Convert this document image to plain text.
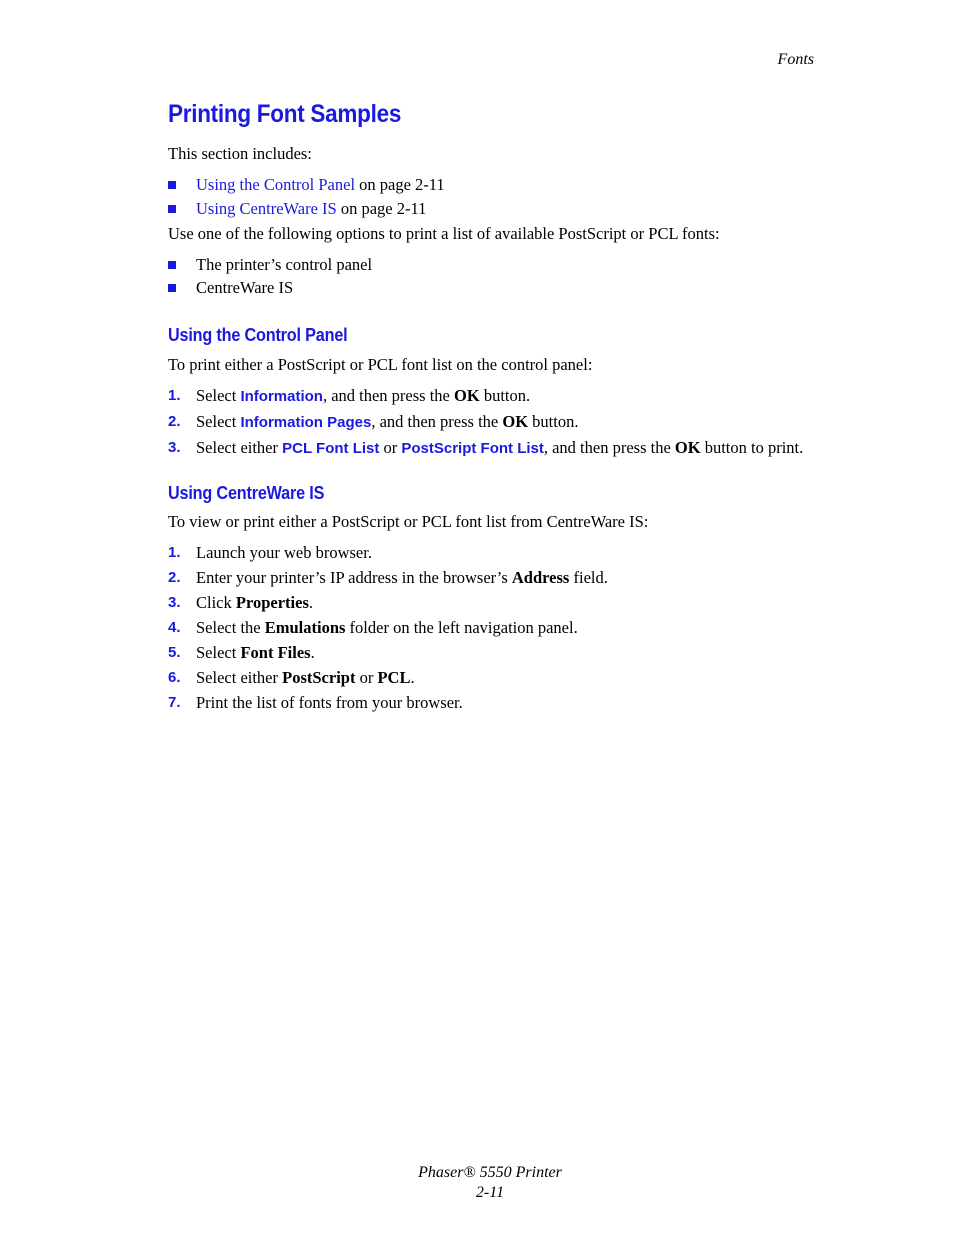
Fonts
Printing Font Samples

This section includes:

Using the Control Panel on page 2-11
Using CentreWare IS on page 2-11

Use one of the following options to print a list of available PostScript or PCL fonts:

The printer’s control panel
CentreWare IS
Using the Control Panel

To print either a PostScript or PCL font list on the control panel:

1. Select Information, and then press the OK button.
2. Select Information Pages, and then press the OK button.
3. Select either PCL Font List or PostScript Font List, and then press the OK button to print.
Using CentreWare IS

To view or print either a PostScript or PCL font list from CentreWare IS:

1. Launch your web browser.
2. Enter your printer’s IP address in the browser’s Address field.
3. Click Properties.
4. Select the Emulations folder on the left navigation panel.
5. Select Font Files.
6. Select either PostScript or PCL.
7. Print the list of fonts from your browser.
Phaser® 5550 Printer
2-11
